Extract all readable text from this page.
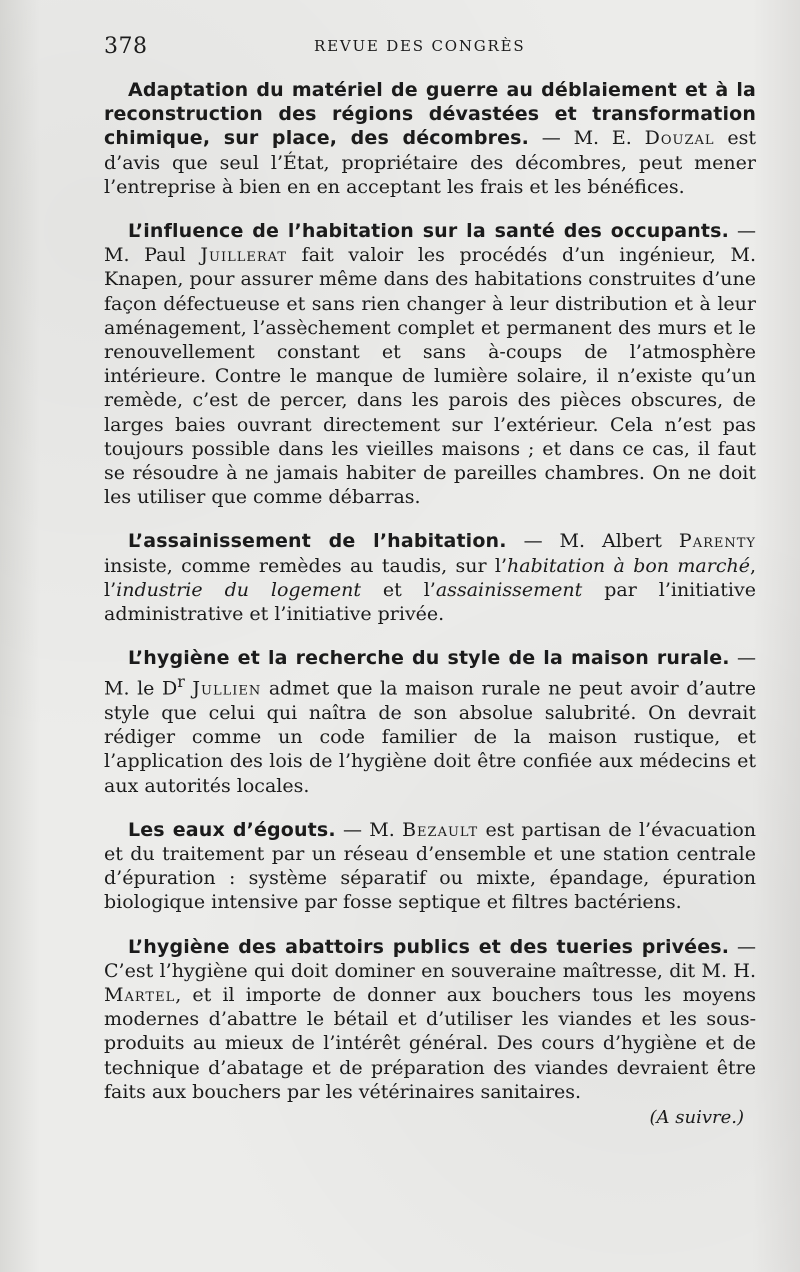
378	REVUE DES CONGRÈS

Adaptation du matériel de guerre au déblaiement et à la reconstruction des régions dévastées et transformation chimique, sur place, des décombres. — M. E. Douzal est d’avis que seul l’État, propriétaire des décombres, peut mener l’entreprise à bien en en acceptant les frais et les bénéfices.

L’influence de l’habitation sur la santé des occupants. — M. Paul Juillerat fait valoir les procédés d’un ingénieur, M. Knapen, pour assurer même dans des habitations construites d’une façon défectueuse et sans rien changer à leur distribution et à leur aménagement, l’assèchement complet et permanent des murs et le renouvellement constant et sans à-coups de l’atmosphère intérieure. Contre le manque de lumière solaire, il n’existe qu’un remède, c’est de percer, dans les parois des pièces obscures, de larges baies ouvrant directement sur l’extérieur. Cela n’est pas toujours possible dans les vieilles maisons ; et dans ce cas, il faut se résoudre à ne jamais habiter de pareilles chambres. On ne doit les utiliser que comme débarras.

L’assainissement de l’habitation. — M. Albert Parenty insiste, comme remèdes au taudis, sur l’habitation à bon marché, l’industrie du logement et l’assainissement par l’initiative administrative et l’initiative privée.

L’hygiène et la recherche du style de la maison rurale. — M. le $D^r$ Jullien admet que la maison rurale ne peut avoir d’autre style que celui qui naîtra de son absolue salubrité. On devrait rédiger comme un code familier de la maison rustique, et l’application des lois de l’hygiène doit être confiée aux médecins et aux autorités locales.

Les eaux d’égouts. — M. Bezault est partisan de l’évacuation et du traitement par un réseau d’ensemble et une station centrale d’épuration : système séparatif ou mixte, épandage, épuration biologique intensive par fosse septique et filtres bactériens.

L’hygiène des abattoirs publics et des tueries privées. — C’est l’hygiène qui doit dominer en souveraine maîtresse, dit M. H. Martel, et il importe de donner aux bouchers tous les moyens modernes d’abattre le bétail et d’utiliser les viandes et les sous-produits au mieux de l’intérêt général. Des cours d’hygiène et de technique d’abatage et de préparation des viandes devraient être faits aux bouchers par les vétérinaires sanitaires.

(A suivre.)
